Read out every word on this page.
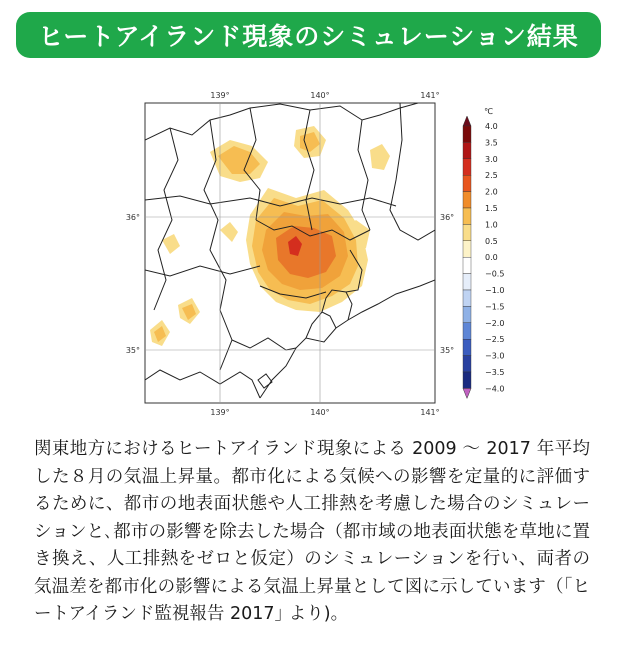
ヒートアイランド現象のシミュレーション結果
139°	140°	141°
139°	140°	141°
36°
35°
36°
35°
4.0
3.5
3.0
2.5
2.0
1.5
1.0
0.5
0.0
−0.5
−1.0
−1.5
−2.0
−2.5
−3.0
−3.5
−4.0
℃

関東地方におけるヒートアイランド現象による 2009 〜 2017 年平均した８月の気温上昇量。都市化による気候への影響を定量的に評価するために、都市の地表面状態や人工排熱を考慮した場合のシミュレーションと､都市の影響を除去した場合（都市域の地表面状態を草地に置き換え、人工排熱をゼロと仮定）のシミュレーションを行い、両者の気温差を都市化の影響による気温上昇量として図に示しています（｢ヒートアイランド監視報告 2017｣ より)。
